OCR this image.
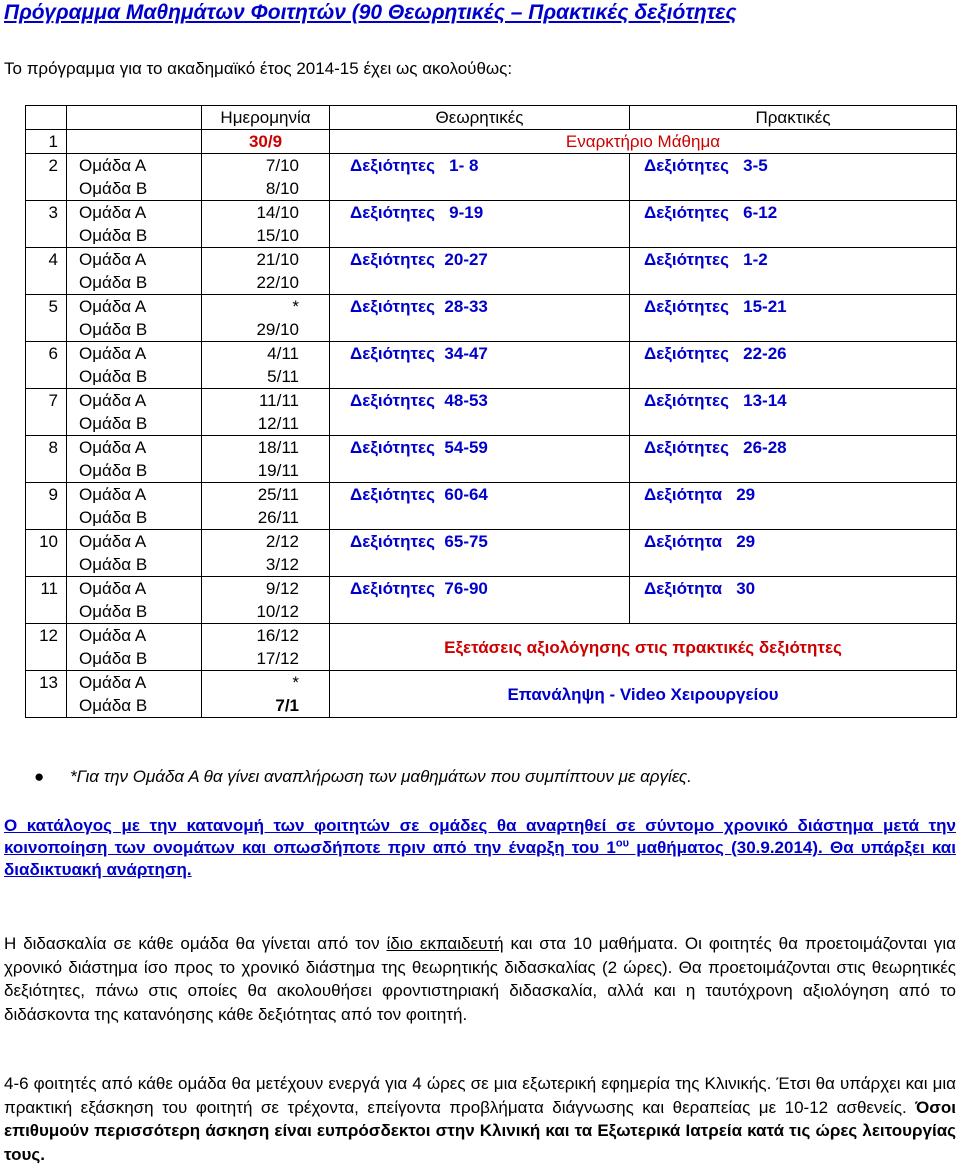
Πρόγραμμα Μαθημάτων Φοιτητών (90 Θεωρητικές – Πρακτικές δεξιότητες
Το πρόγραμμα για το ακαδημαϊκό έτος 2014-15 έχει ως ακολούθως:
		Ημερομηνία	Θεωρητικές	Πρακτικές
1		30/9	Εναρκτήριο Μάθημα	
2	Ομάδα Α	7/10	Δεξιότητες   1- 8	Δεξιότητες   3-5
	Ομάδα Β	8/10		
3	Ομάδα Α	14/10	Δεξιότητες   9-19	Δεξιότητες   6-12
	Ομάδα Β	15/10		
4	Ομάδα Α	21/10	Δεξιότητες  20-27	Δεξιότητες   1-2
	Ομάδα Β	22/10		
5	Ομάδα Α	*	Δεξιότητες  28-33	Δεξιότητες   15-21
	Ομάδα Β	29/10		
6	Ομάδα Α	4/11	Δεξιότητες  34-47	Δεξιότητες   22-26
	Ομάδα Β	5/11		
7	Ομάδα Α	11/11	Δεξιότητες  48-53	Δεξιότητες   13-14
	Ομάδα Β	12/11		
8	Ομάδα Α	18/11	Δεξιότητες  54-59	Δεξιότητες   26-28
	Ομάδα Β	19/11		
9	Ομάδα Α	25/11	Δεξιότητες  60-64	Δεξιότητα   29
	Ομάδα Β	26/11		
10	Ομάδα Α	2/12	Δεξιότητες  65-75	Δεξιότητα   29
	Ομάδα Β	3/12		
11	Ομάδα Α	9/12	Δεξιότητες  76-90	Δεξιότητα   30
	Ομάδα Β	10/12		
12	Ομάδα Α	16/12	Εξετάσεις αξιολόγησης στις πρακτικές δεξιότητες	
	Ομάδα Β	17/12		
13	Ομάδα Α	*	Επανάληψη - Video Χειρουργείου	
	Ομάδα Β	7/1		
● *Για την Ομάδα Α θα γίνει αναπλήρωση των μαθημάτων που συμπίπτουν με αργίες.
Ο κατάλογος με την κατανομή των φοιτητών σε ομάδες θα αναρτηθεί σε σύντομο χρονικό διάστημα μετά την κοινοποίηση των ονομάτων και οπωσδήποτε πριν από την έναρξη του $1^{o\upsilon}$ μαθήματος (30.9.2014). Θα υπάρξει και διαδικτυακή ανάρτηση.
Η διδασκαλία σε κάθε ομάδα θα γίνεται από τον ίδιο εκπαιδευτή και στα 10 μαθήματα. Οι φοιτητές θα προετοιμάζονται για χρονικό διάστημα ίσο προς το χρονικό διάστημα της θεωρητικής διδασκαλίας (2 ώρες). Θα προετοιμάζονται στις θεωρητικές δεξιότητες, πάνω στις οποίες θα ακολουθήσει φροντιστηριακή διδασκαλία, αλλά και η ταυτόχρονη αξιολόγηση από το διδάσκοντα της κατανόησης κάθε δεξιότητας από τον φοιτητή.
4-6 φοιτητές από κάθε ομάδα θα μετέχουν ενεργά για 4 ώρες σε μια εξωτερική εφημερία της Κλινικής. Έτσι θα υπάρχει και μια πρακτική εξάσκηση του φοιτητή σε τρέχοντα, επείγοντα προβλήματα διάγνωσης και θεραπείας με 10-12 ασθενείς. Όσοι επιθυμούν περισσότερη άσκηση είναι ευπρόσδεκτοι στην Κλινική και τα Εξωτερικά Ιατρεία κατά τις ώρες λειτουργίας τους.
